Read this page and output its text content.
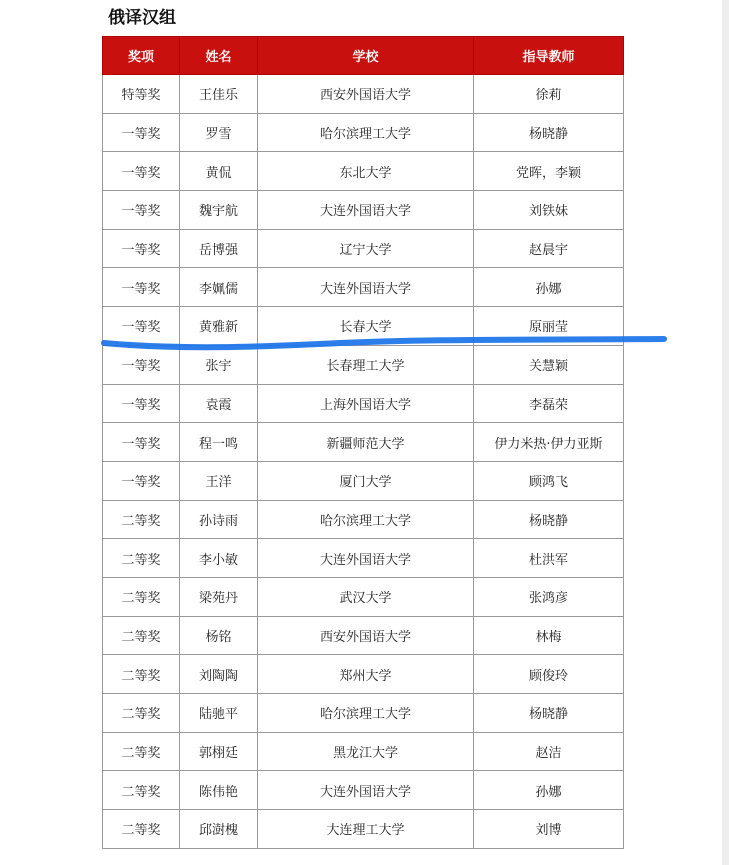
俄译汉组
奖项	姓名	学校	指导教师
特等奖	王佳乐	西安外国语大学	徐莉
一等奖	罗雪	哈尔滨理工大学	杨晓静
一等奖	黄侃	东北大学	党晖，李颖
一等奖	魏宇航	大连外国语大学	刘铁妹
一等奖	岳博强	辽宁大学	赵晨宇
一等奖	李姵儒	大连外国语大学	孙娜
一等奖	黄雅新	长春大学	原丽莹
一等奖	张宇	长春理工大学	关慧颖
一等奖	袁霞	上海外国语大学	李磊荣
一等奖	程一鸣	新疆师范大学	伊力米热·伊力亚斯
一等奖	王洋	厦门大学	顾鸿飞
二等奖	孙诗雨	哈尔滨理工大学	杨晓静
二等奖	李小敏	大连外国语大学	杜洪军
二等奖	梁苑丹	武汉大学	张鸿彦
二等奖	杨铭	西安外国语大学	林梅
二等奖	刘陶陶	郑州大学	顾俊玲
二等奖	陆驰平	哈尔滨理工大学	杨晓静
二等奖	郭栩廷	黑龙江大学	赵洁
二等奖	陈伟艳	大连外国语大学	孙娜
二等奖	邱澍槐	大连理工大学	刘博
